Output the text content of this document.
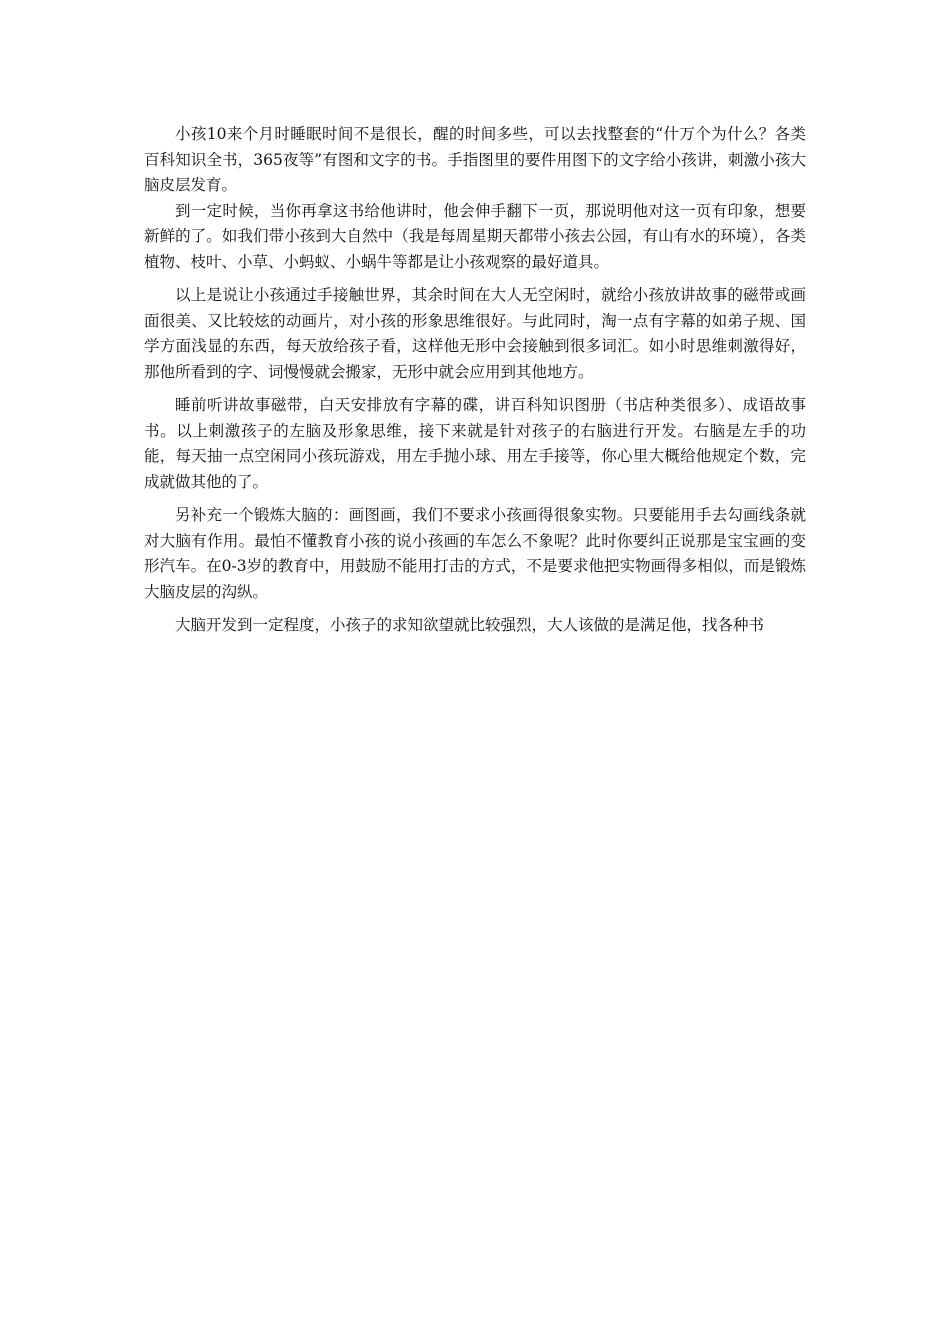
小孩10来个月时睡眠时间不是很长，醒的时间多些，可以去找整套的“什万个为什么？各类百科知识全书，365夜等”有图和文字的书。手指图里的要件用图下的文字给小孩讲，刺激小孩大脑皮层发育。

到一定时候，当你再拿这书给他讲时，他会伸手翻下一页，那说明他对这一页有印象，想要新鲜的了。如我们带小孩到大自然中（我是每周星期天都带小孩去公园，有山有水的环境），各类植物、枝叶、小草、小蚂蚁、小蜗牛等都是让小孩观察的最好道具。

以上是说让小孩通过手接触世界，其余时间在大人无空闲时，就给小孩放讲故事的磁带或画面很美、又比较炫的动画片，对小孩的形象思维很好。与此同时，淘一点有字幕的如弟子规、国学方面浅显的东西，每天放给孩子看，这样他无形中会接触到很多词汇。如小时思维刺激得好，那他所看到的字、词慢慢就会搬家，无形中就会应用到其他地方。

睡前听讲故事磁带，白天安排放有字幕的碟，讲百科知识图册（书店种类很多）、成语故事书。以上刺激孩子的左脑及形象思维，接下来就是针对孩子的右脑进行开发。右脑是左手的功能，每天抽一点空闲同小孩玩游戏，用左手抛小球、用左手接等，你心里大概给他规定个数，完成就做其他的了。

另补充一个锻炼大脑的：画图画，我们不要求小孩画得很象实物。只要能用手去勾画线条就对大脑有作用。最怕不懂教育小孩的说小孩画的车怎么不象呢？此时你要纠正说那是宝宝画的变形汽车。在0-3岁的教育中，用鼓励不能用打击的方式，不是要求他把实物画得多相似，而是锻炼大脑皮层的沟纵。

大脑开发到一定程度，小孩子的求知欲望就比较强烈，大人该做的是满足他，找各种书
